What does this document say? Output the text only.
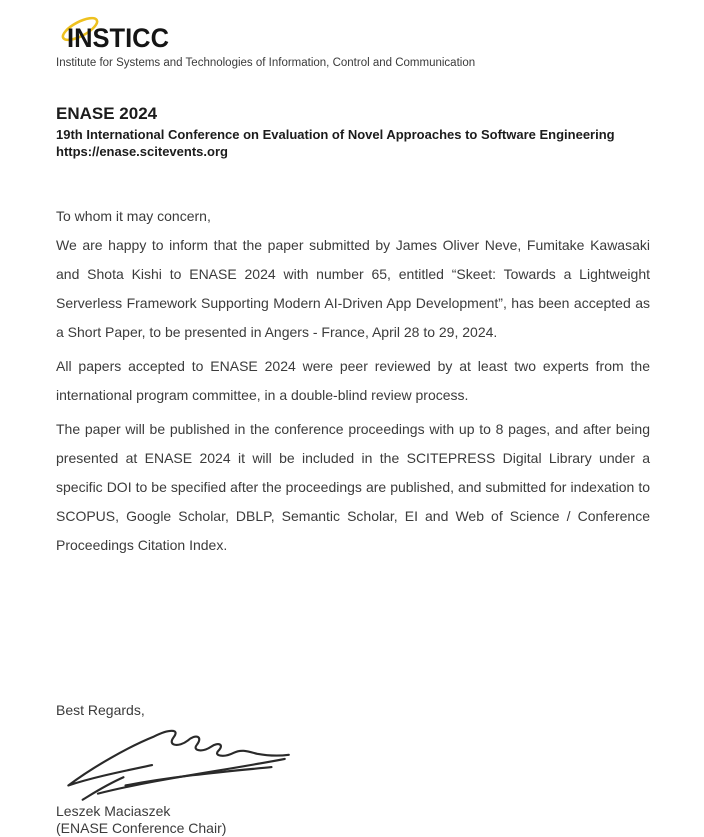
INSTICC
Institute for Systems and Technologies of Information, Control and Communication
ENASE 2024
19th International Conference on Evaluation of Novel Approaches to Software Engineering
https://enase.scitevents.org
To whom it may concern,

We are happy to inform that the paper submitted by James Oliver Neve, Fumitake Kawasaki and Shota Kishi to ENASE 2024 with number 65, entitled “Skeet: Towards a Lightweight Serverless Framework Supporting Modern AI-Driven App Development”, has been accepted as a Short Paper, to be presented in Angers - France, April 28 to 29, 2024.

All papers accepted to ENASE 2024 were peer reviewed by at least two experts from the international program committee, in a double-blind review process.

The paper will be published in the conference proceedings with up to 8 pages, and after being presented at ENASE 2024 it will be included in the SCITEPRESS Digital Library under a specific DOI to be specified after the proceedings are published, and submitted for indexation to SCOPUS, Google Scholar, DBLP, Semantic Scholar, EI and Web of Science / Conference Proceedings Citation Index.

Best Regards,
Leszek Maciaszek
(ENASE Conference Chair)
